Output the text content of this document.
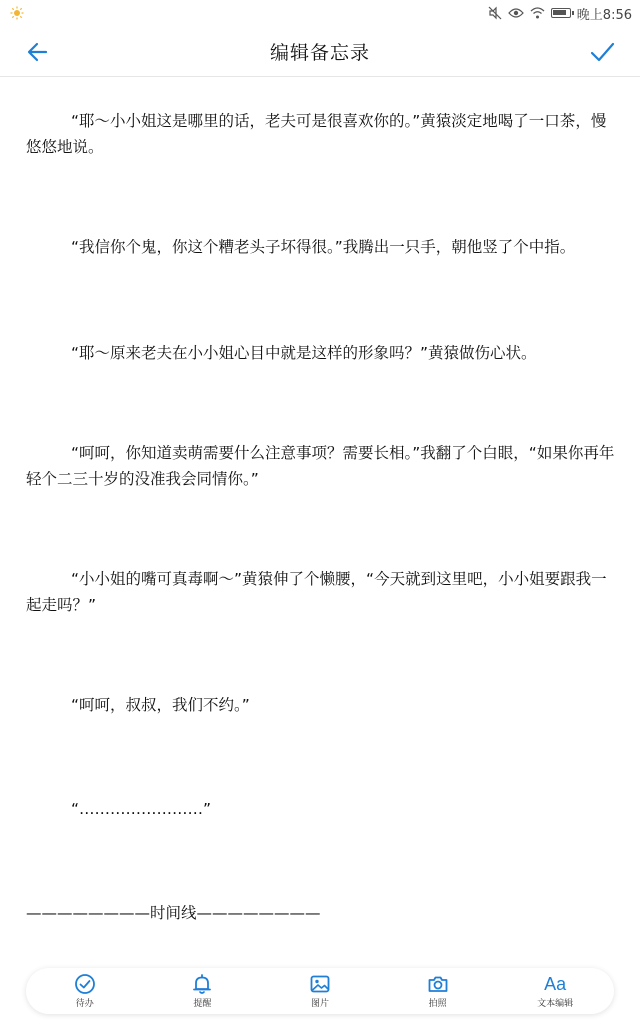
晚上8:56
编辑备忘录

“耶～小小姐这是哪里的话，老夫可是很喜欢你的。”黄猿淡定地喝了一口茶，慢悠悠地说。

“我信你个鬼，你这个糟老头子坏得很。”我腾出一只手，朝他竖了个中指。

“耶～原来老夫在小小姐心目中就是这样的形象吗？”黄猿做伤心状。

“呵呵，你知道卖萌需要什么注意事项？需要长相。”我翻了个白眼，“如果你再年轻个二三十岁的没准我会同情你。”

“小小姐的嘴可真毒啊～”黄猿伸了个懒腰，“今天就到这里吧，小小姐要跟我一起走吗？”

“呵呵，叔叔，我们不约。”

“……………………”

————————时间线————————

待办	提醒	图片	拍照
Aa
文本编辑
